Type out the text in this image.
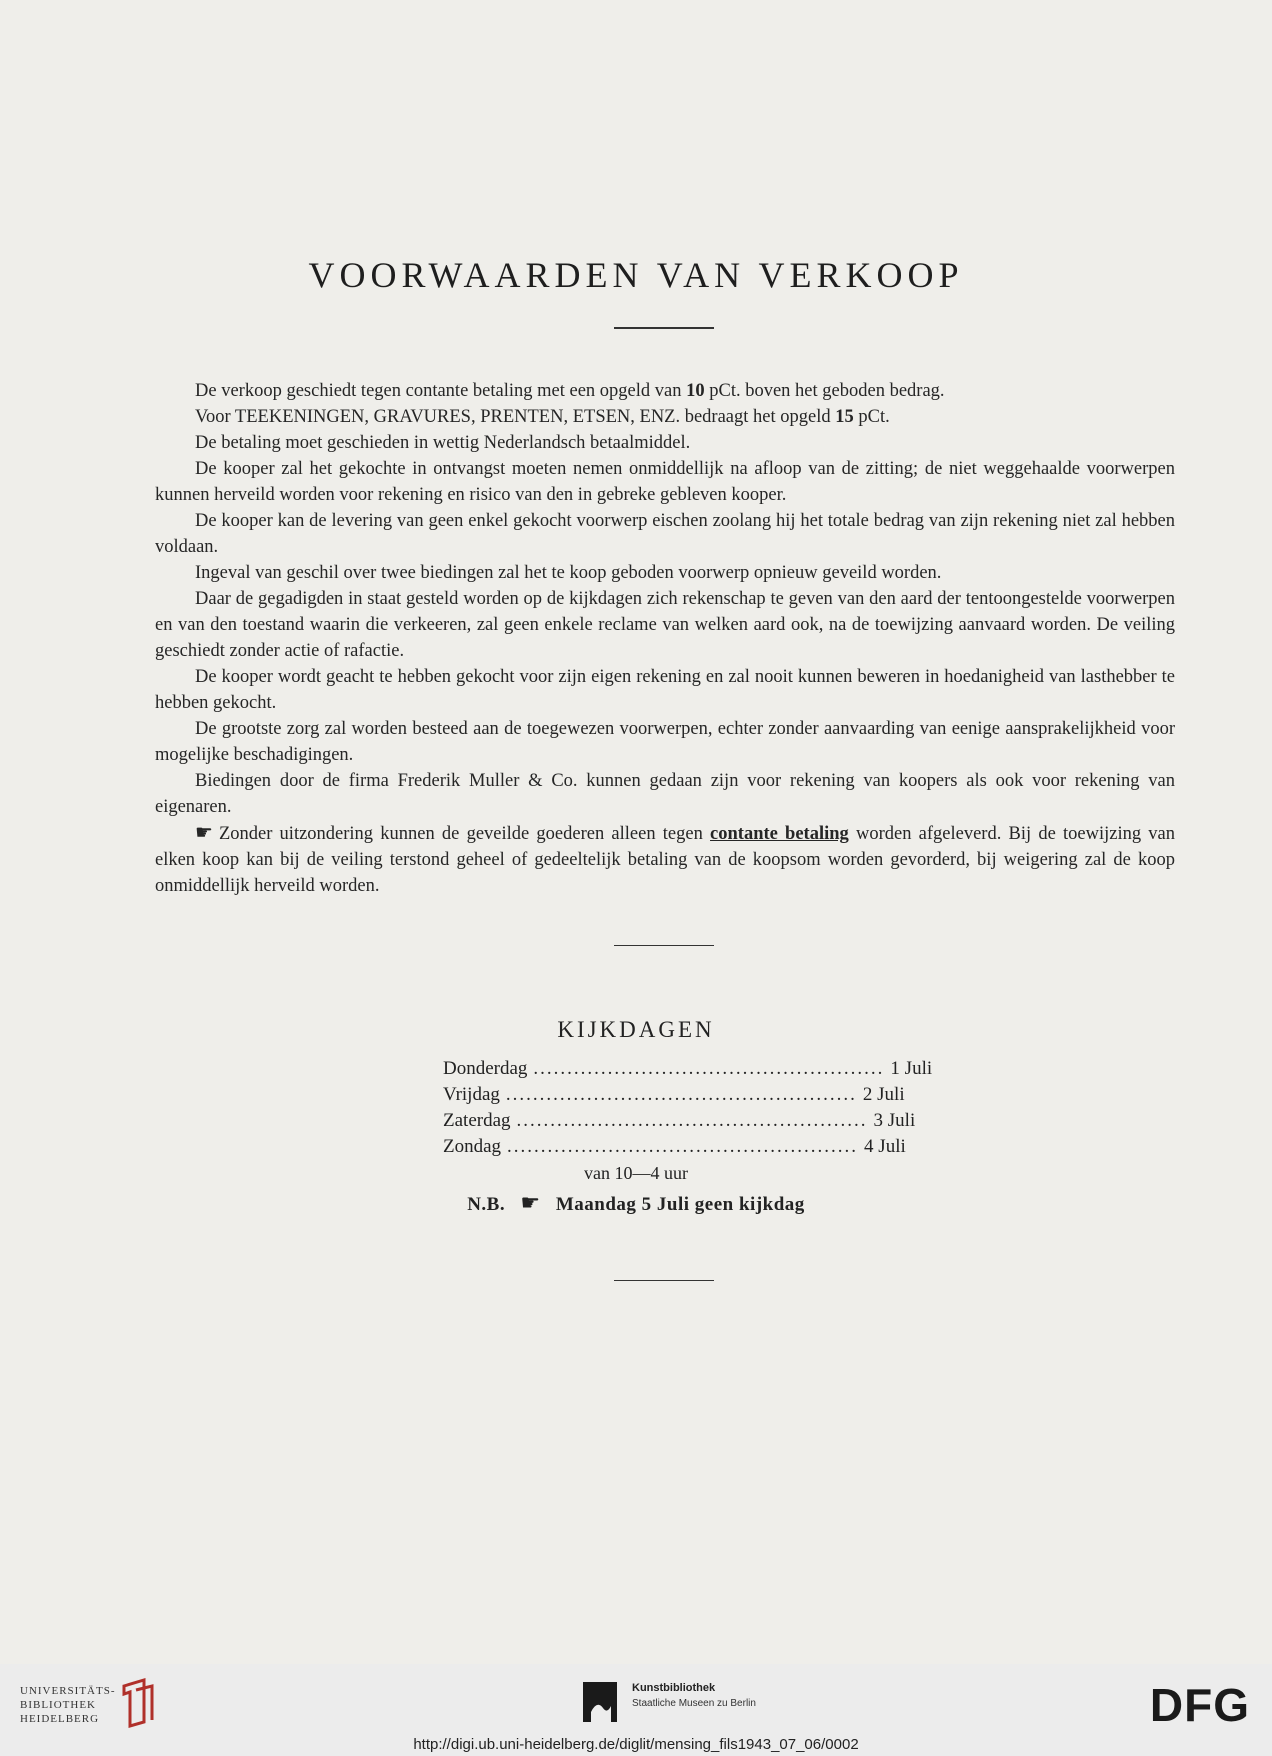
VOORWAARDEN VAN VERKOOP

De verkoop geschiedt tegen contante betaling met een opgeld van 10 pCt. boven het geboden bedrag.

Voor TEEKENINGEN, GRAVURES, PRENTEN, ETSEN, ENZ. bedraagt het opgeld 15 pCt.

De betaling moet geschieden in wettig Nederlandsch betaalmiddel.

De kooper zal het gekochte in ontvangst moeten nemen onmiddellijk na afloop van de zitting; de niet weggehaalde voorwerpen kunnen herveild worden voor rekening en risico van den in gebreke gebleven kooper.

De kooper kan de levering van geen enkel gekocht voorwerp eischen zoolang hij het totale bedrag van zijn rekening niet zal hebben voldaan.

Ingeval van geschil over twee biedingen zal het te koop geboden voorwerp opnieuw geveild worden.

Daar de gegadigden in staat gesteld worden op de kijkdagen zich rekenschap te geven van den aard der tentoongestelde voorwerpen en van den toestand waarin die verkeeren, zal geen enkele reclame van welken aard ook, na de toewijzing aanvaard worden. De veiling geschiedt zonder actie of rafactie.

De kooper wordt geacht te hebben gekocht voor zijn eigen rekening en zal nooit kunnen beweren in hoedanigheid van lasthebber te hebben gekocht.

De grootste zorg zal worden besteed aan de toegewezen voorwerpen, echter zonder aanvaarding van eenige aansprakelijkheid voor mogelijke beschadigingen.

Biedingen door de firma Frederik Muller & Co. kunnen gedaan zijn voor rekening van koopers als ook voor rekening van eigenaren.

☛ Zonder uitzondering kunnen de geveilde goederen alleen tegen contante betaling worden afgeleverd. Bij de toewijzing van elken koop kan bij de veiling terstond geheel of gedeeltelijk betaling van de koopsom worden gevorderd, bij weigering zal de koop onmiddellijk herveild worden.

KIJKDAGEN
Donderdag .................................................... 1 Juli
Vrijdag .................................................... 2 Juli
Zaterdag .................................................... 3 Juli
Zondag .................................................... 4 Juli
van 10—4 uur
N.B. ☛ Maandag 5 Juli geen kijkdag
UNIVERSITÄTS-
BIBLIOTHEK
HEIDELBERG
Kunstbibliothek
Staatliche Museen zu Berlin	DFG
http://digi.ub.uni-heidelberg.de/diglit/mensing_fils1943_07_06/0002
